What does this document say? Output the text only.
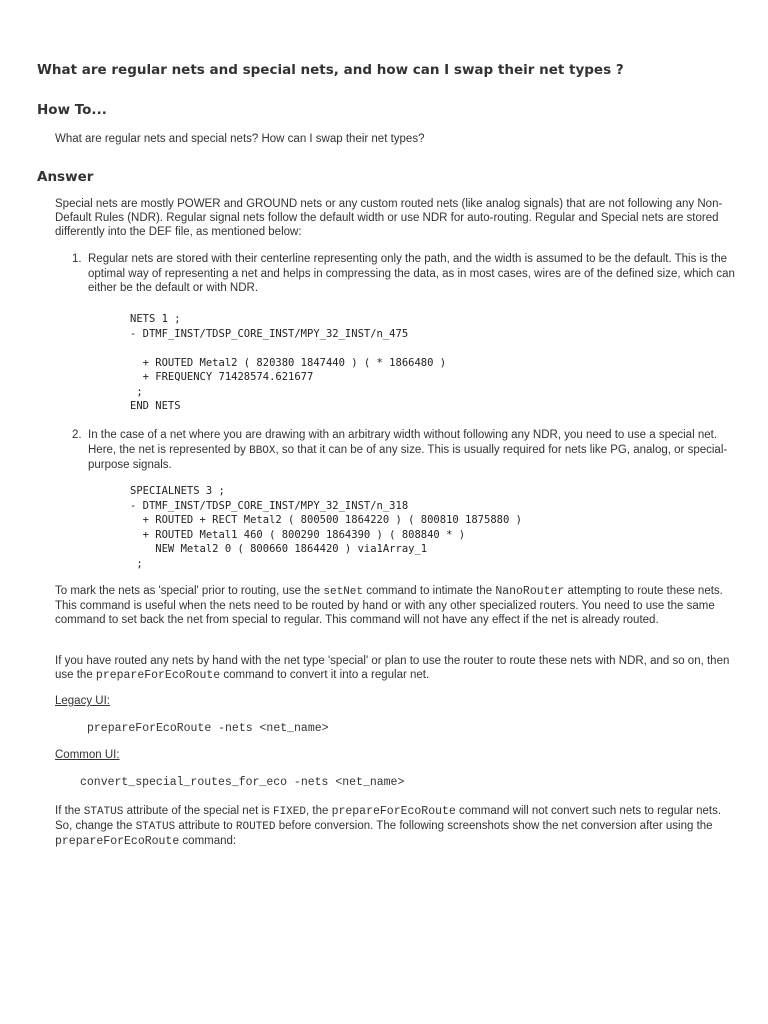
What are regular nets and special nets, and how can I swap their net types ?
How To...

What are regular nets and special nets? How can I swap their net types?

Answer

Special nets are mostly POWER and GROUND nets or any custom routed nets (like analog signals) that are not following any Non-Default Rules (NDR). Regular signal nets follow the default width or use NDR for auto-routing. Regular and Special nets are stored differently into the DEF file, as mentioned below:

1. Regular nets are stored with their centerline representing only the path, and the width is assumed to be the default. This is the optimal way of representing a net and helps in compressing the data, as in most cases, wires are of the defined size, which can either be the default or with NDR.
NETS 1 ;
- DTMF_INST/TDSP_CORE_INST/MPY_32_INST/n_475

+ ROUTED Metal2 ( 820380 1847440 ) ( * 1866480 )
+ FREQUENCY 71428574.621677
;
END NETS
2. In the case of a net where you are drawing with an arbitrary width without following any NDR, you need to use a special net. Here, the net is represented by BBOX, so that it can be of any size. This is usually required for nets like PG, analog, or special-purpose signals.
SPECIALNETS 3 ;
- DTMF_INST/TDSP_CORE_INST/MPY_32_INST/n_318
+ ROUTED + RECT Metal2 ( 800500 1864220 ) ( 800810 1875880 )
+ ROUTED Metal1 460 ( 800290 1864390 ) ( 808840 * )
NEW Metal2 0 ( 800660 1864420 ) via1Array_1
;

To mark the nets as 'special' prior to routing, use the setNet command to intimate the NanoRouter attempting to route these nets. This command is useful when the nets need to be routed by hand or with any other specialized routers. You need to use the same command to set back the net from special to regular. This command will not have any effect if the net is already routed.

If you have routed any nets by hand with the net type 'special' or plan to use the router to route these nets with NDR, and so on, then use the prepareForEcoRoute command to convert it into a regular net.

Legacy UI:

prepareForEcoRoute -nets <net_name>

Common UI:

convert_special_routes_for_eco -nets <net_name>

If the STATUS attribute of the special net is FIXED, the prepareForEcoRoute command will not convert such nets to regular nets. So, change the STATUS attribute to ROUTED before conversion. The following screenshots show the net conversion after using the prepareForEcoRoute command:
